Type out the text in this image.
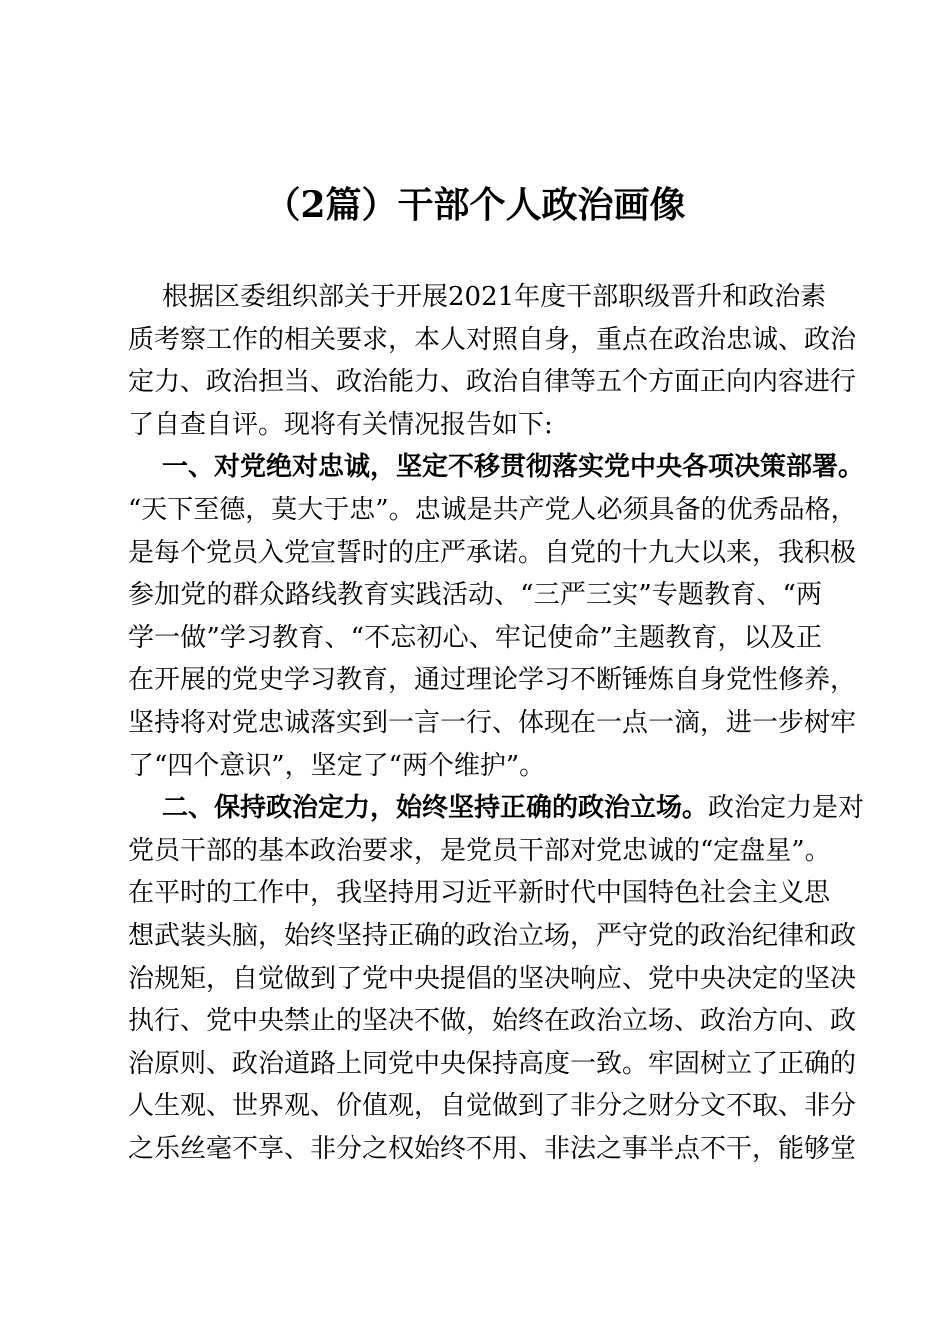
（2篇）干部个人政治画像
根据区委组织部关于开展2021年度干部职级晋升和政治素
质考察工作的相关要求，本人对照自身，重点在政治忠诚、政治
定力、政治担当、政治能力、政治自律等五个方面正向内容进行
了自查自评。现将有关情况报告如下:
一、对党绝对忠诚，坚定不移贯彻落实党中央各项决策部署。
“天下至德，莫大于忠”。忠诚是共产党人必须具备的优秀品格，
是每个党员入党宣誓时的庄严承诺。自党的十九大以来，我积极
参加党的群众路线教育实践活动、“三严三实”专题教育、“两
学一做”学习教育、“不忘初心、牢记使命”主题教育，以及正
在开展的党史学习教育，通过理论学习不断锤炼自身党性修养，
坚持将对党忠诚落实到一言一行、体现在一点一滴，进一步树牢
了“四个意识”，坚定了“两个维护”。
二、保持政治定力，始终坚持正确的政治立场。政治定力是对
党员干部的基本政治要求，是党员干部对党忠诚的“定盘星”。
在平时的工作中，我坚持用习近平新时代中国特色社会主义思
想武装头脑，始终坚持正确的政治立场，严守党的政治纪律和政
治规矩，自觉做到了党中央提倡的坚决响应、党中央决定的坚决
执行、党中央禁止的坚决不做，始终在政治立场、政治方向、政
治原则、政治道路上同党中央保持高度一致。牢固树立了正确的
人生观、世界观、价值观，自觉做到了非分之财分文不取、非分
之乐丝毫不享、非分之权始终不用、非法之事半点不干，能够堂
